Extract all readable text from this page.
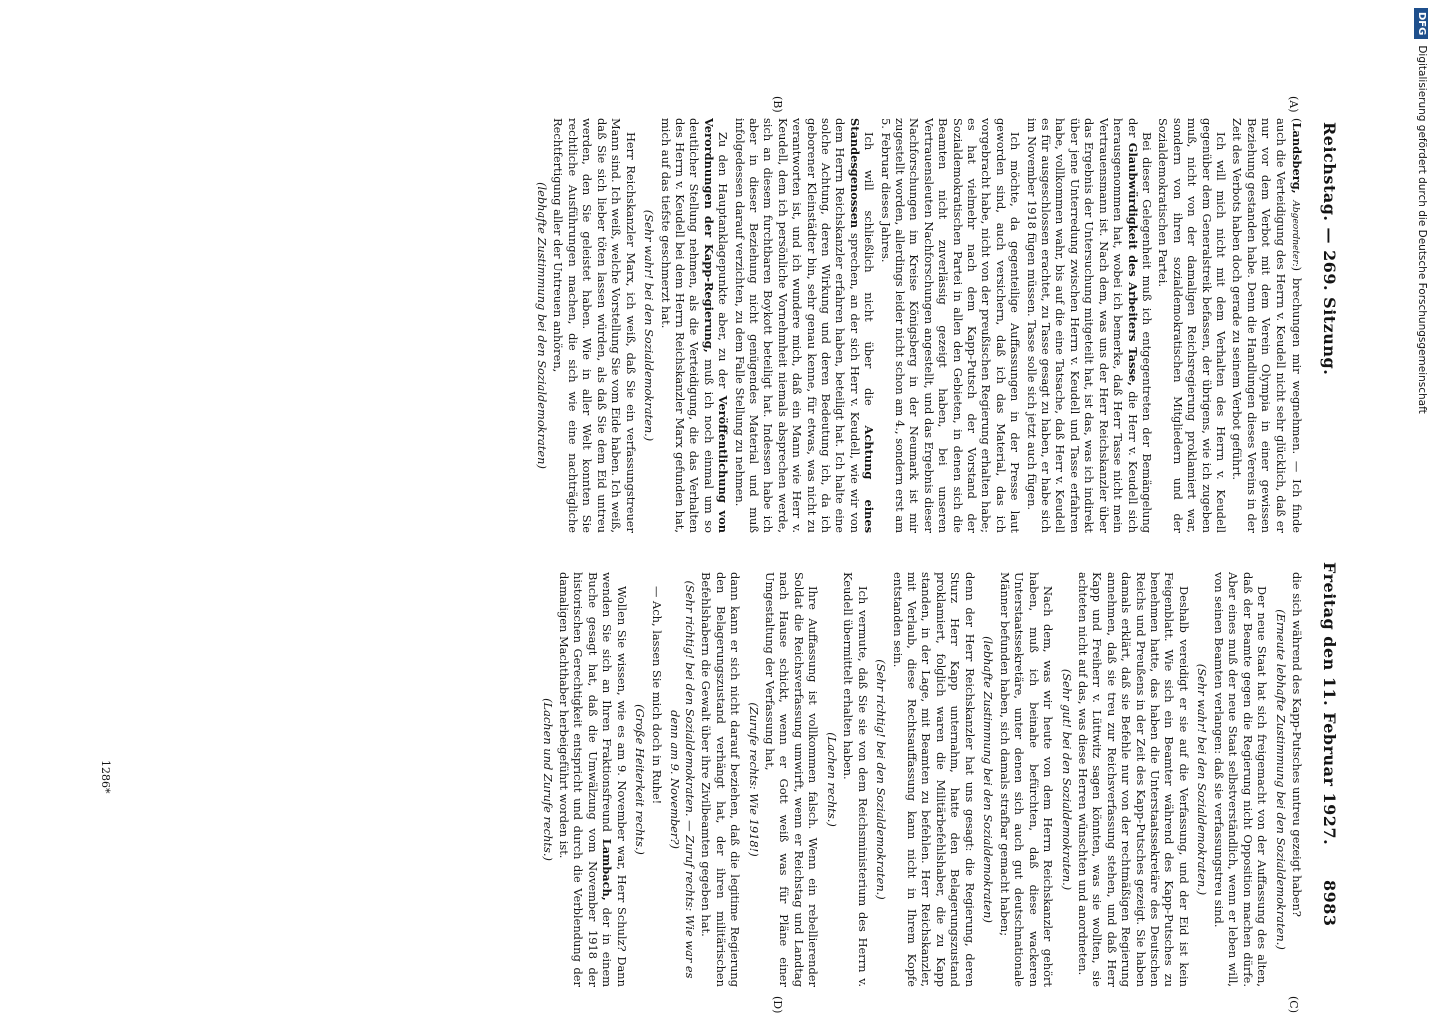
Reichstag. — 269. Sitzung.
Freitag den 11. Februar 1927.
8983
(A)
(B)
(C)
(D)

(Landsberg, Abgeordneter:) brechungen mir wegnehmen. — Ich finde auch die Verteidigung des Herrn v. Keudell nicht sehr glücklich, daß er nur vor dem Verbot mit dem Verein Olympia in einer gewissen Beziehung gestanden habe. Denn die Handlungen dieses Vereins in der Zeit des Verbots haben doch gerade zu seinem Verbot geführt.

Ich will mich nicht mit dem Verhalten des Herrn v. Keudell gegenüber dem Generalstreik befassen, der übrigens, wie ich zugeben muß, nicht von der damaligen Reichsregierung proklamiert war, sondern von ihren sozialdemokratischen Mitgliedern und der Sozialdemokratischen Partei.

Bei dieser Gelegenheit muß ich entgegentreten der Bemängelung der Glaubwürdigkeit des Arbeiters Tasse, die Herr v. Keudell sich herausgenommen hat, wobei ich bemerke, daß Herr Tasse nicht mein Vertrauensmann ist. Nach dem, was uns der Herr Reichskanzler über das Ergebnis der Untersuchung mitgeteilt hat, ist das, was ich indirekt über jene Unterredung zwischen Herrn v. Keudell und Tasse erfahren habe, vollkommen wahr, bis auf die eine Tatsache, daß Herr v. Keudell es für ausgeschlossen erachtet, zu Tasse gesagt zu haben, er habe sich im November 1918 fügen müssen. Tasse solle sich jetzt auch fügen.

Ich möchte, da gegenteilige Auffassungen in der Presse laut geworden sind, auch versichern, daß ich das Material, das ich vorgebracht habe, nicht von der preußischen Regierung erhalten habe; es hat vielmehr nach dem Kapp-Putsch der Vorstand der Sozialdemokratischen Partei in allen den Gebieten, in denen sich die Beamten nicht zuverlässig gezeigt haben, bei unseren Vertrauensleuten Nachforschungen angestellt, und das Ergebnis dieser Nachforschungen im Kreise Königsberg in der Neumark ist mir zugestellt worden, allerdings leider nicht schon am 4., sondern erst am 5. Februar dieses Jahres.

Ich will schließlich nicht über die Achtung eines Standesgenossen sprechen, an der sich Herr v. Keudell, wie wir von dem Herrn Reichskanzler erfahren haben, beteiligt hat. Ich halte eine solche Achtung, deren Wirkung und deren Bedeutung ich, da ich geborener Kleinstädter bin, sehr genau kenne, für etwas, was nicht zu verantworten ist, und ich wundere mich, daß ein Mann wie Herr v. Keudell, dem ich persönliche Vornehmheit niemals absprechen werde, sich an diesem furchtbaren Boykott beteiligt hat. Indessen habe ich aber in dieser Beziehung nicht genügendes Material und muß infolgedessen darauf verzichten, zu dem Falle Stellung zu nehmen.

Zu den Hauptanklagepunkte aber, zu der Veröffentlichung von Verordnungen der Kapp-Regierung, muß ich noch einmal um so deutlicher Stellung nehmen, als die Verteidigung, die das Verhalten des Herrn v. Keudell bei dem Herrn Reichskanzler Marx gefunden hat, mich auf das tiefste geschmerzt hat.

(Sehr wahr! bei den Sozialdemokraten.)

Herr Reichskanzler Marx, ich weiß, daß Sie ein verfassungstreuer Mann sind. Ich weiß, welche Vorstellung Sie vom Eide haben. Ich weiß, daß Sie sich lieber töten lassen würden, als daß Sie dem Eid untreu werden, den Sie geleistet haben. Wie in aller Welt konnten Sie rechtliche Ausführungen machen, die sich wie eine nachträgliche Rechtfertigung aller der Untreuen anhören,

(lebhafte Zustimmung bei den Sozialdemokraten)

die sich während des Kapp-Putsches untreu gezeigt haben?

(Erneute lebhafte Zustimmung bei den Sozialdemokraten.)

Der neue Staat hat sich freigemacht von der Auffassung des alten, daß der Beamte gegen die Regierung nicht Opposition machen dürfe. Aber eines muß der neue Staat selbstverständlich, wenn er leben will, von seinen Beamten verlangen: daß sie verfassungstreu sind.

(Sehr wahr! bei den Sozialdemokraten.)

Deshalb vereidigt er sie auf die Verfassung, und der Eid ist kein Feigenblatt. Wie sich ein Beamter während des Kapp-Putsches zu benehmen hatte, das haben die Unterstaatssekretäre des Deutschen Reichs und Preußens in der Zeit des Kapp-Putsches gezeigt. Sie haben damals erklärt, daß sie Befehle nur von der rechtmäßigen Regierung annehmen, daß sie treu zur Reichsverfassung stehen, und daß Herr Kapp und Freiherr v. Lüttwitz sagen könnten, was sie wollten, sie achteten nicht auf das, was diese Herren wünschten und anordneten.

(Sehr gut! bei den Sozialdemokraten.)

Nach dem, was wir heute von dem Herrn Reichskanzler gehört haben, muß ich beinahe befürchten, daß diese wackeren Unterstaatssekretäre, unter denen sich auch gut deutschnationale Männer befunden haben, sich damals strafbar gemacht haben;

(lebhafte Zustimmung bei den Sozialdemokraten)

denn der Herr Reichskanzler hat uns gesagt: die Regierung, deren Sturz Herr Kapp unternahm, hatte den Belagerungszustand proklamiert, folglich waren die Militärbefehlshaber, die zu Kapp standen, in der Lage, mit Beamten zu befehlen. Herr Reichskanzler, mit Verlaub, diese Rechtsauffassung kann nicht in Ihrem Kopfe entstanden sein.

(Sehr richtig! bei den Sozialdemokraten.)

Ich vermute, daß Sie sie von dem Reichsministerium des Herrn v. Keudell übermittelt erhalten haben.

(Lachen rechts.)

Ihre Auffassung ist vollkommen falsch. Wenn ein rebellierender Soldat die Reichsverfassung umwirft, wenn er Reichstag und Landtag nach Hause schickt, wenn er Gott weiß was für Pläne einer Umgestaltung der Verfassung hat,

(Zurufe rechts: Wie 1918!)

dann kann er sich nicht darauf beziehen, daß die legitime Regierung den Belagerungszustand verhängt hat, der ihren militärischen Befehlshabern die Gewalt über ihre Zivilbeamten gegeben hat.

(Sehr richtig! bei den Sozialdemokraten. — Zuruf rechts: Wie war es denn am 9. November?)

— Ach, lassen Sie mich doch in Ruhe!

(Große Heiterkeit rechts.)

Wollen Sie wissen, wie es am 9. November war, Herr Schulz? Dann wenden Sie sich an Ihren Fraktionsfreund Lambach, der in einem Buche gesagt hat, daß die Umwälzung vom November 1918 der historischen Gerechtigkeit entspricht und durch die Verblendung der damaligen Machthaber herbeigeführt worden ist.

(Lachen und Zurufe rechts.)

1286*
DFGDigitalisierung gefördert durch die Deutsche Forschungsgemeinschaft
